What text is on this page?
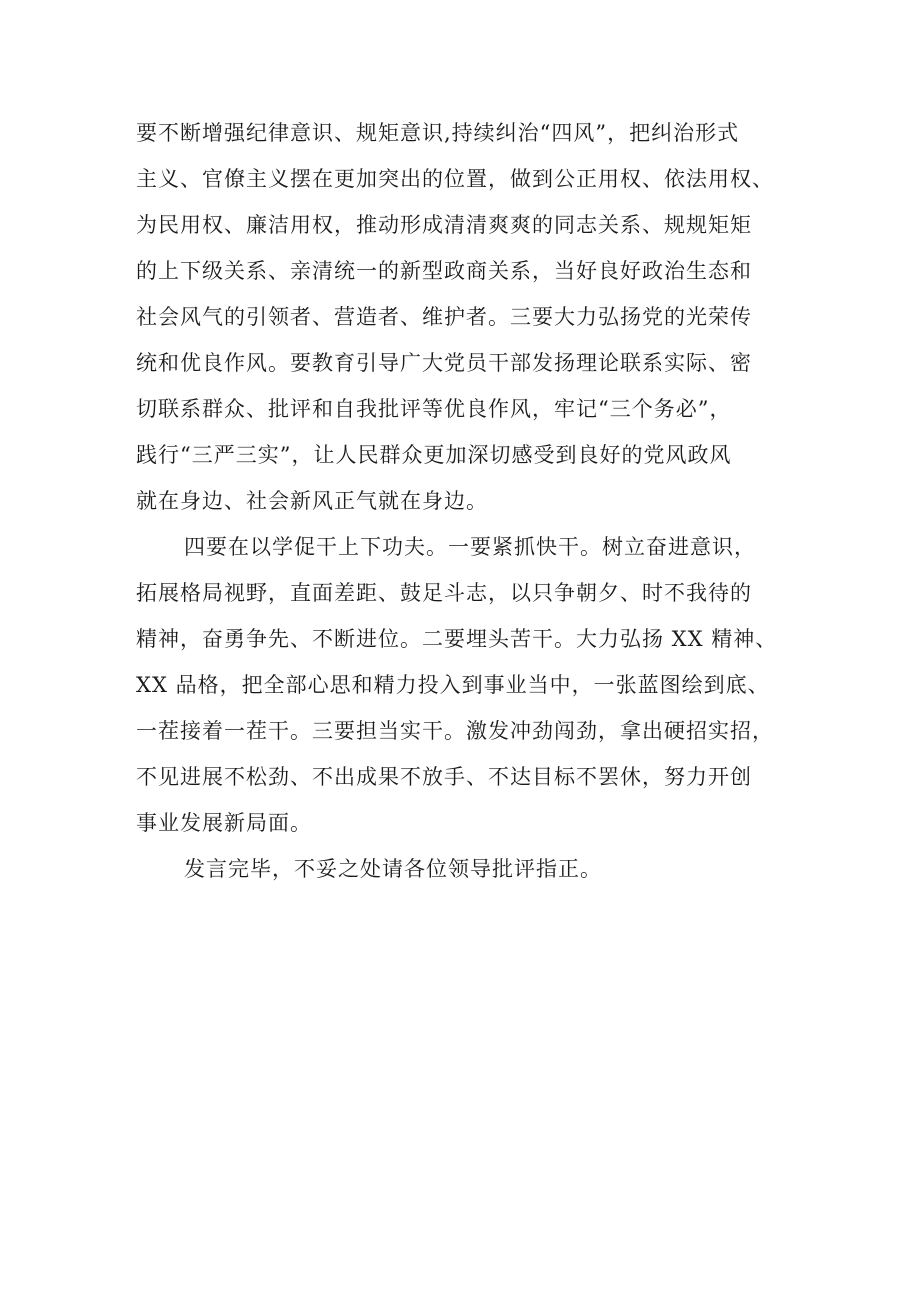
要不断增强纪律意识、规矩意识,持续纠治“四风”，把纠治形式
主义、官僚主义摆在更加突出的位置，做到公正用权、依法用权、
为民用权、廉洁用权，推动形成清清爽爽的同志关系、规规矩矩
的上下级关系、亲清统一的新型政商关系，当好良好政治生态和
社会风气的引领者、营造者、维护者。三要大力弘扬党的光荣传
统和优良作风。要教育引导广大党员干部发扬理论联系实际、密
切联系群众、批评和自我批评等优良作风，牢记“三个务必”，
践行“三严三实”，让人民群众更加深切感受到良好的党风政风
就在身边、社会新风正气就在身边。
四要在以学促干上下功夫。一要紧抓快干。树立奋进意识，
拓展格局视野，直面差距、鼓足斗志，以只争朝夕、时不我待的
精神，奋勇争先、不断进位。二要埋头苦干。大力弘扬 XX 精神、
XX 品格，把全部心思和精力投入到事业当中，一张蓝图绘到底、
一茬接着一茬干。三要担当实干。激发冲劲闯劲，拿出硬招实招，
不见进展不松劲、不出成果不放手、不达目标不罢休，努力开创
事业发展新局面。
发言完毕，不妥之处请各位领导批评指正。
